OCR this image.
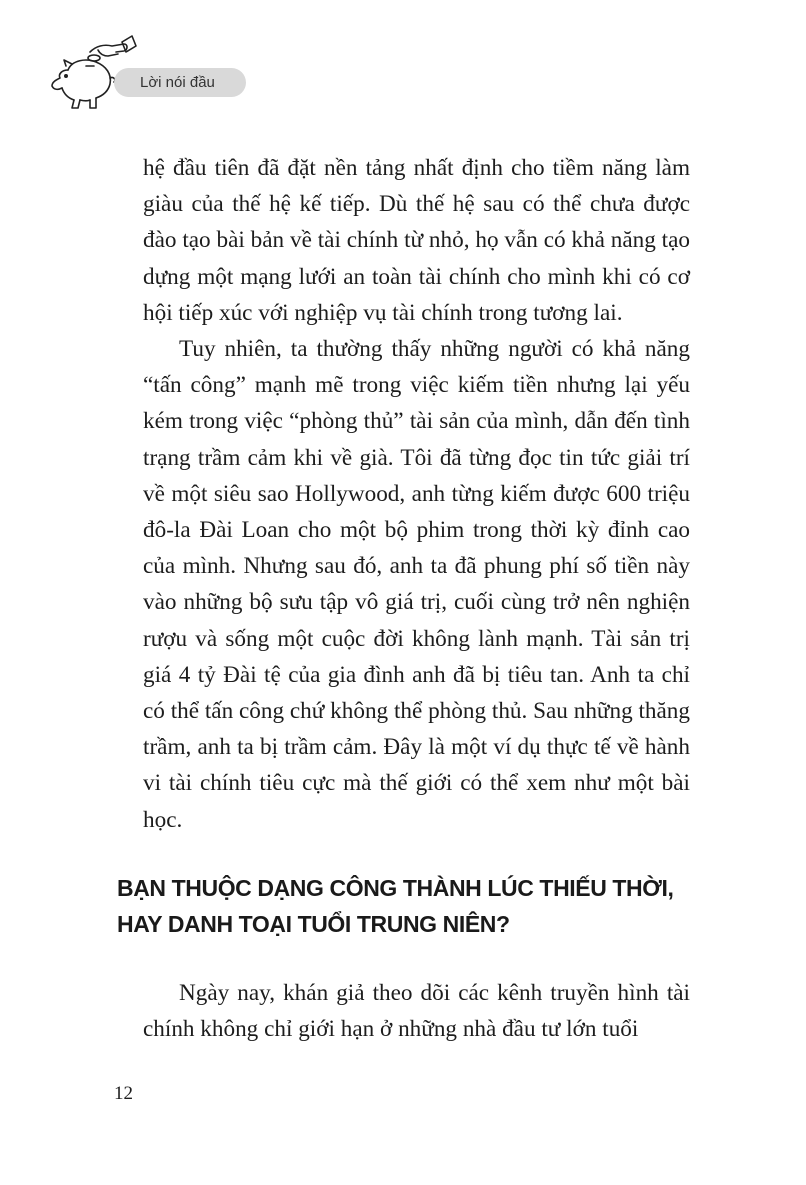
Lời nói đầu

hệ đầu tiên đã đặt nền tảng nhất định cho tiềm năng làm giàu của thế hệ kế tiếp. Dù thế hệ sau có thể chưa được đào tạo bài bản về tài chính từ nhỏ, họ vẫn có khả năng tạo dựng một mạng lưới an toàn tài chính cho mình khi có cơ hội tiếp xúc với nghiệp vụ tài chính trong tương lai.

Tuy nhiên, ta thường thấy những người có khả năng “tấn công” mạnh mẽ trong việc kiếm tiền nhưng lại yếu kém trong việc “phòng thủ” tài sản của mình, dẫn đến tình trạng trầm cảm khi về già. Tôi đã từng đọc tin tức giải trí về một siêu sao Hollywood, anh từng kiếm được 600 triệu đô-la Đài Loan cho một bộ phim trong thời kỳ đỉnh cao của mình. Nhưng sau đó, anh ta đã phung phí số tiền này vào những bộ sưu tập vô giá trị, cuối cùng trở nên nghiện rượu và sống một cuộc đời không lành mạnh. Tài sản trị giá 4 tỷ Đài tệ của gia đình anh đã bị tiêu tan. Anh ta chỉ có thể tấn công chứ không thể phòng thủ. Sau những thăng trầm, anh ta bị trầm cảm. Đây là một ví dụ thực tế về hành vi tài chính tiêu cực mà thế giới có thể xem như một bài học.

BẠN THUỘC DẠNG CÔNG THÀNH LÚC THIẾU THỜI,
HAY DANH TOẠI TUỔI TRUNG NIÊN?

Ngày nay, khán giả theo dõi các kênh truyền hình tài chính không chỉ giới hạn ở những nhà đầu tư lớn tuổi

12
